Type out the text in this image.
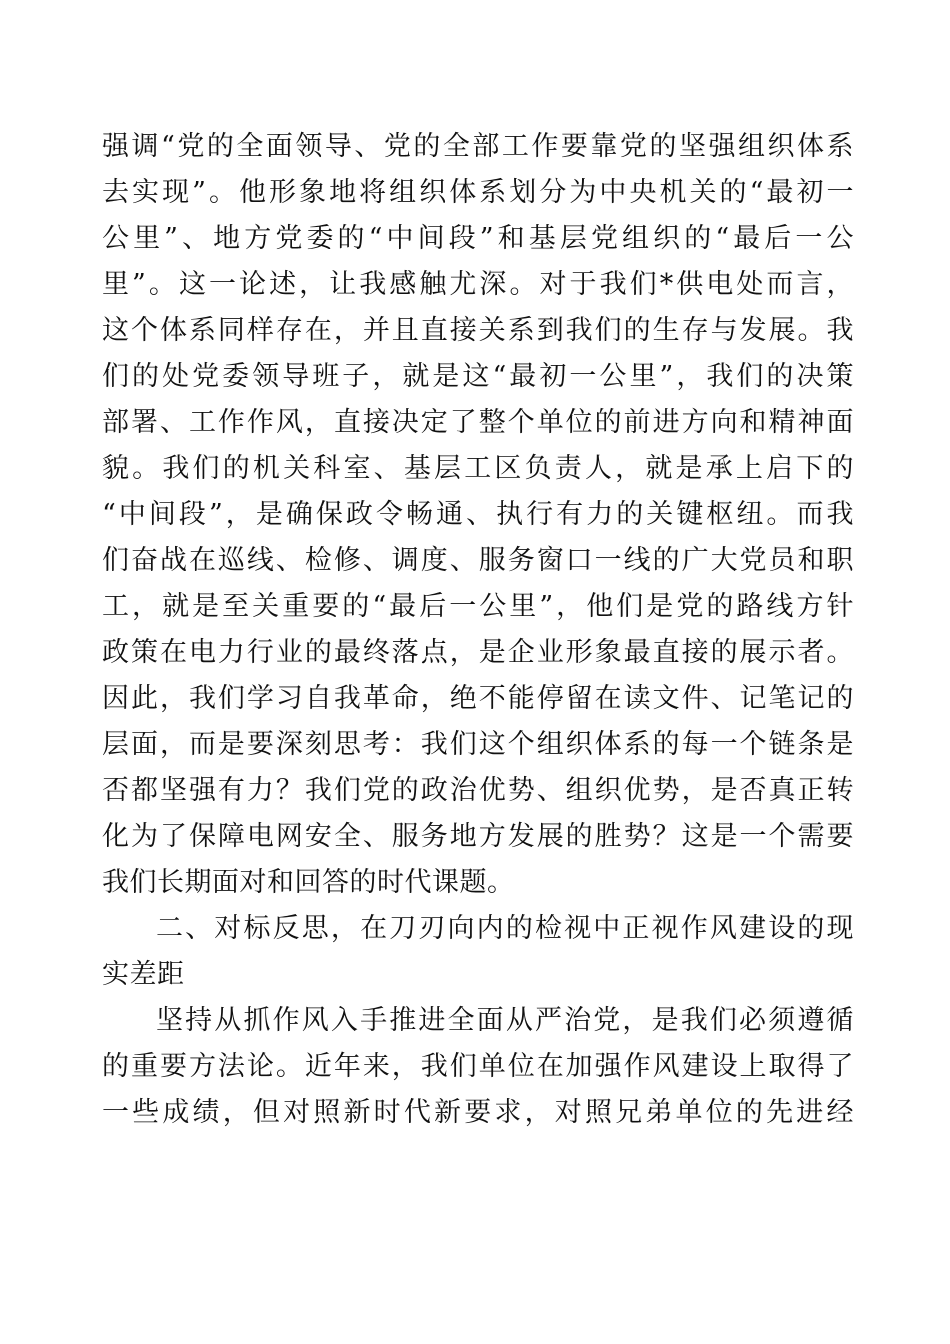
强调“党的全面领导、党的全部工作要靠党的坚强组织体系
去实现”。他形象地将组织体系划分为中央机关的“最初一
公里”、地方党委的“中间段”和基层党组织的“最后一公
里”。这一论述，让我感触尤深。对于我们*供电处而言，
这个体系同样存在，并且直接关系到我们的生存与发展。我
们的处党委领导班子，就是这“最初一公里”，我们的决策
部署、工作作风，直接决定了整个单位的前进方向和精神面
貌。我们的机关科室、基层工区负责人，就是承上启下的
“中间段”，是确保政令畅通、执行有力的关键枢纽。而我
们奋战在巡线、检修、调度、服务窗口一线的广大党员和职
工，就是至关重要的“最后一公里”，他们是党的路线方针
政策在电力行业的最终落点，是企业形象最直接的展示者。
因此，我们学习自我革命，绝不能停留在读文件、记笔记的
层面，而是要深刻思考：我们这个组织体系的每一个链条是
否都坚强有力？我们党的政治优势、组织优势，是否真正转
化为了保障电网安全、服务地方发展的胜势？这是一个需要
我们长期面对和回答的时代课题。
二、对标反思，在刀刃向内的检视中正视作风建设的现
实差距
坚持从抓作风入手推进全面从严治党，是我们必须遵循
的重要方法论。近年来，我们单位在加强作风建设上取得了
一些成绩，但对照新时代新要求，对照兄弟单位的先进经
